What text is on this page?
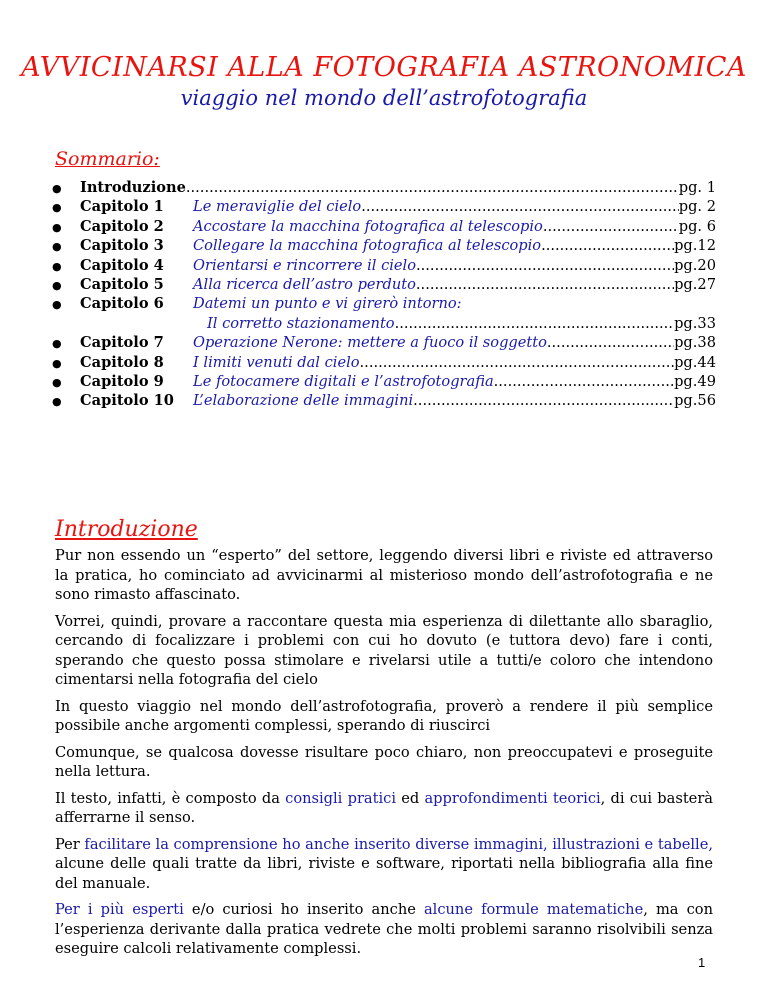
AVVICINARSI ALLA FOTOGRAFIA ASTRONOMICA
viaggio nel mondo dell’astrofotografia
Sommario:
●	Introduzione .....	pg. 1
●	Capitolo 1	Le meraviglie del cielo .....	pg. 2
●	Capitolo 2	Accostare la macchina fotografica al telescopio .....	pg. 6
●	Capitolo 3	Collegare la macchina fotografica al telescopio .....	pg.12
●	Capitolo 4	Orientarsi e rincorrere il cielo .....	pg.20
●	Capitolo 5	Alla ricerca dell’astro perduto .....	pg.27
●	Capitolo 6	Datemi un punto e vi girerò intorno:
Il corretto stazionamento .....	pg.33
●	Capitolo 7	Operazione Nerone: mettere a fuoco il soggetto .....	pg.38
●	Capitolo 8	I limiti venuti dal cielo .....	pg.44
●	Capitolo 9	Le fotocamere digitali e l’astrofotografia .....	pg.49
●	Capitolo 10	L’elaborazione delle immagini .....	pg.56
Introduzione

Pur non essendo un “esperto” del settore, leggendo diversi libri e riviste ed attraverso la pratica, ho cominciato ad avvicinarmi al misterioso mondo dell’astrofotografia e ne sono rimasto affascinato.

Vorrei, quindi, provare a raccontare questa mia esperienza di dilettante allo sbaraglio, cercando di focalizzare i problemi con cui ho dovuto (e tuttora devo) fare i conti, sperando che questo possa stimolare e rivelarsi utile a tutti/e coloro che intendono cimentarsi nella fotografia del cielo

In questo viaggio nel mondo dell’astrofotografia, proverò a rendere il più semplice possibile anche argomenti complessi, sperando di riuscirci

Comunque, se qualcosa dovesse risultare poco chiaro, non preoccupatevi e proseguite nella lettura.

Il testo, infatti, è composto da consigli pratici ed approfondimenti teorici, di cui basterà afferrarne il senso.

Per facilitare la comprensione ho anche inserito diverse immagini, illustrazioni e tabelle, alcune delle quali tratte da libri, riviste e software, riportati nella bibliografia alla fine del manuale.

Per i più esperti e/o curiosi ho inserito anche alcune formule matematiche, ma con l’esperienza derivante dalla pratica vedrete che molti problemi saranno risolvibili senza eseguire calcoli relativamente complessi.

1
